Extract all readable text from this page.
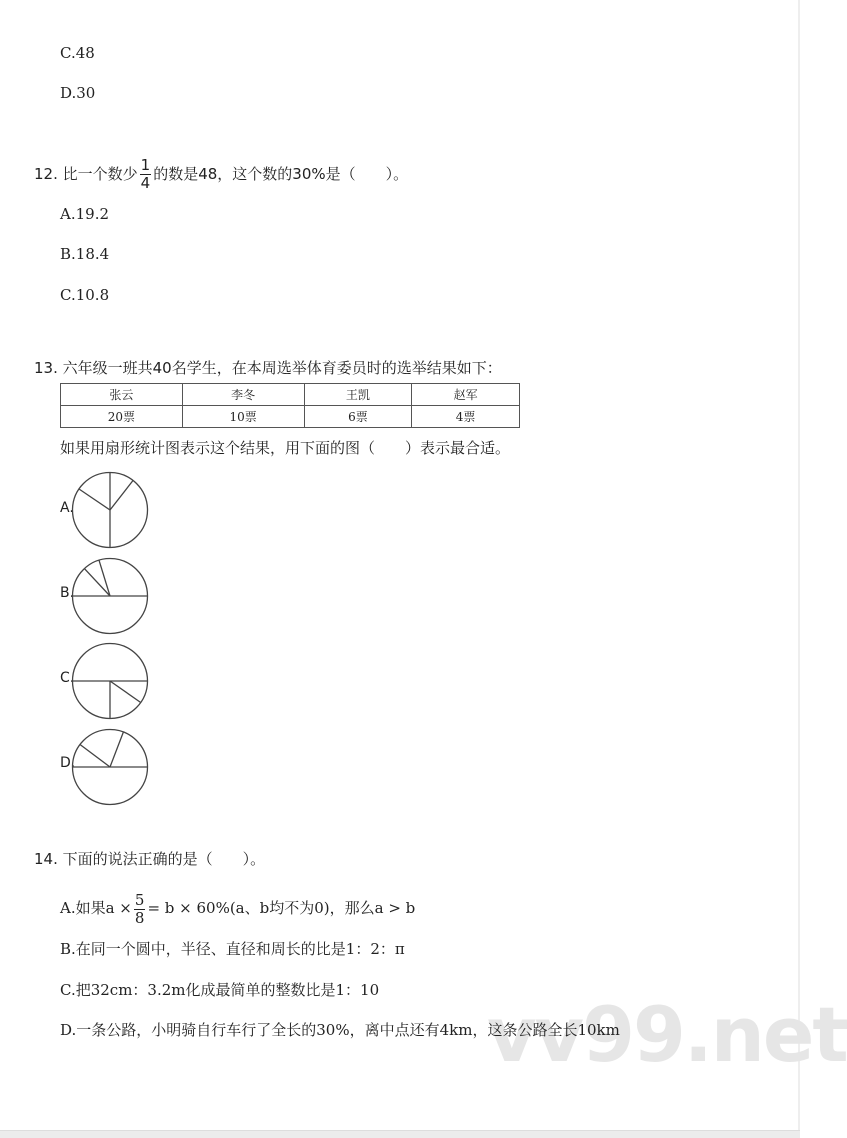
vv99.net
C.48
D.30
12. 比一个数少 $\frac{1}{4}$ 的数是48，这个数的30%是（　　）。
A.19.2
B.18.4
C.10.8
13. 六年级一班共40名学生，在本周选举体育委员时的选举结果如下：
张云	李冬	王凯	赵军
20票	10票	6票	4票
如果用扇形统计图表示这个结果，用下面的图（　　）表示最合适。
A.
B.
C.
D.
14. 下面的说法正确的是（　　）。
A.如果$a \times \frac{5}{8} = b \times 60\%(a$、b均不为0)，那么a > b
B.在同一个圆中，半径、直径和周长的比是1：2：π
C.把32cm：3.2m化成最简单的整数比是1：10
D.一条公路，小明骑自行车行了全长的30%，离中点还有4km，这条公路全长10km
